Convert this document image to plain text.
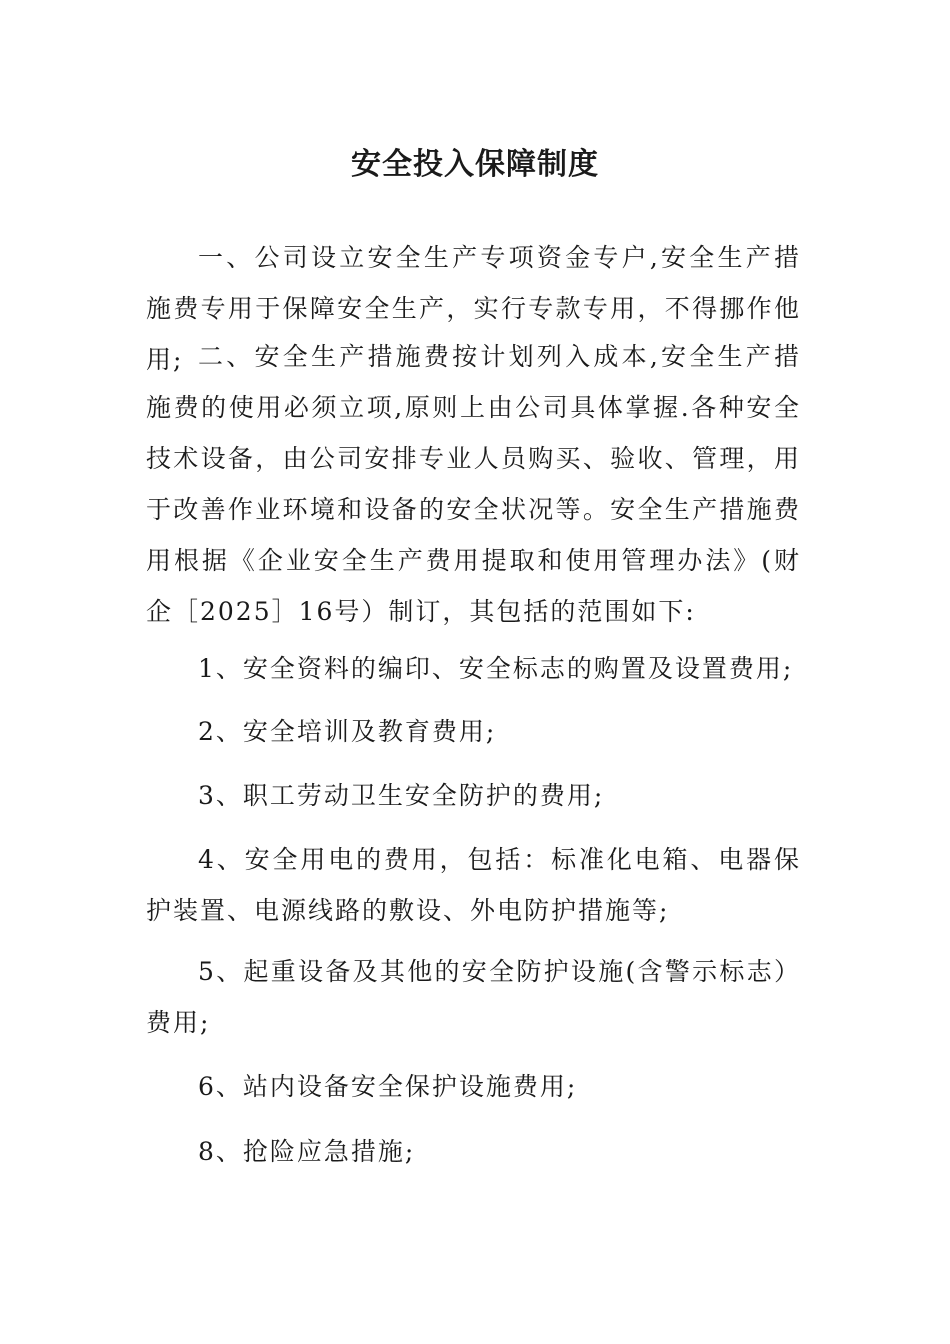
安全投入保障制度

一、公司设立安全生产专项资金专户,安全生产措施费专用于保障安全生产，实行专款专用，不得挪作他用; 二、安全生产措施费按计划列入成本,安全生产措施费的使用必须立项,原则上由公司具体掌握.各种安全技术设备，由公司安排专业人员购买、验收、管理，用于改善作业环境和设备的安全状况等。安全生产措施费用根据《企业安全生产费用提取和使用管理办法》(财企［2025］16号）制订，其包括的范围如下:

1、安全资料的编印、安全标志的购置及设置费用;

2、安全培训及教育费用;

3、职工劳动卫生安全防护的费用;

4、安全用电的费用，包括：标准化电箱、电器保护装置、电源线路的敷设、外电防护措施等;

5、起重设备及其他的安全防护设施(含警示标志）费用;

6、站内设备安全保护设施费用;

8、抢险应急措施;
